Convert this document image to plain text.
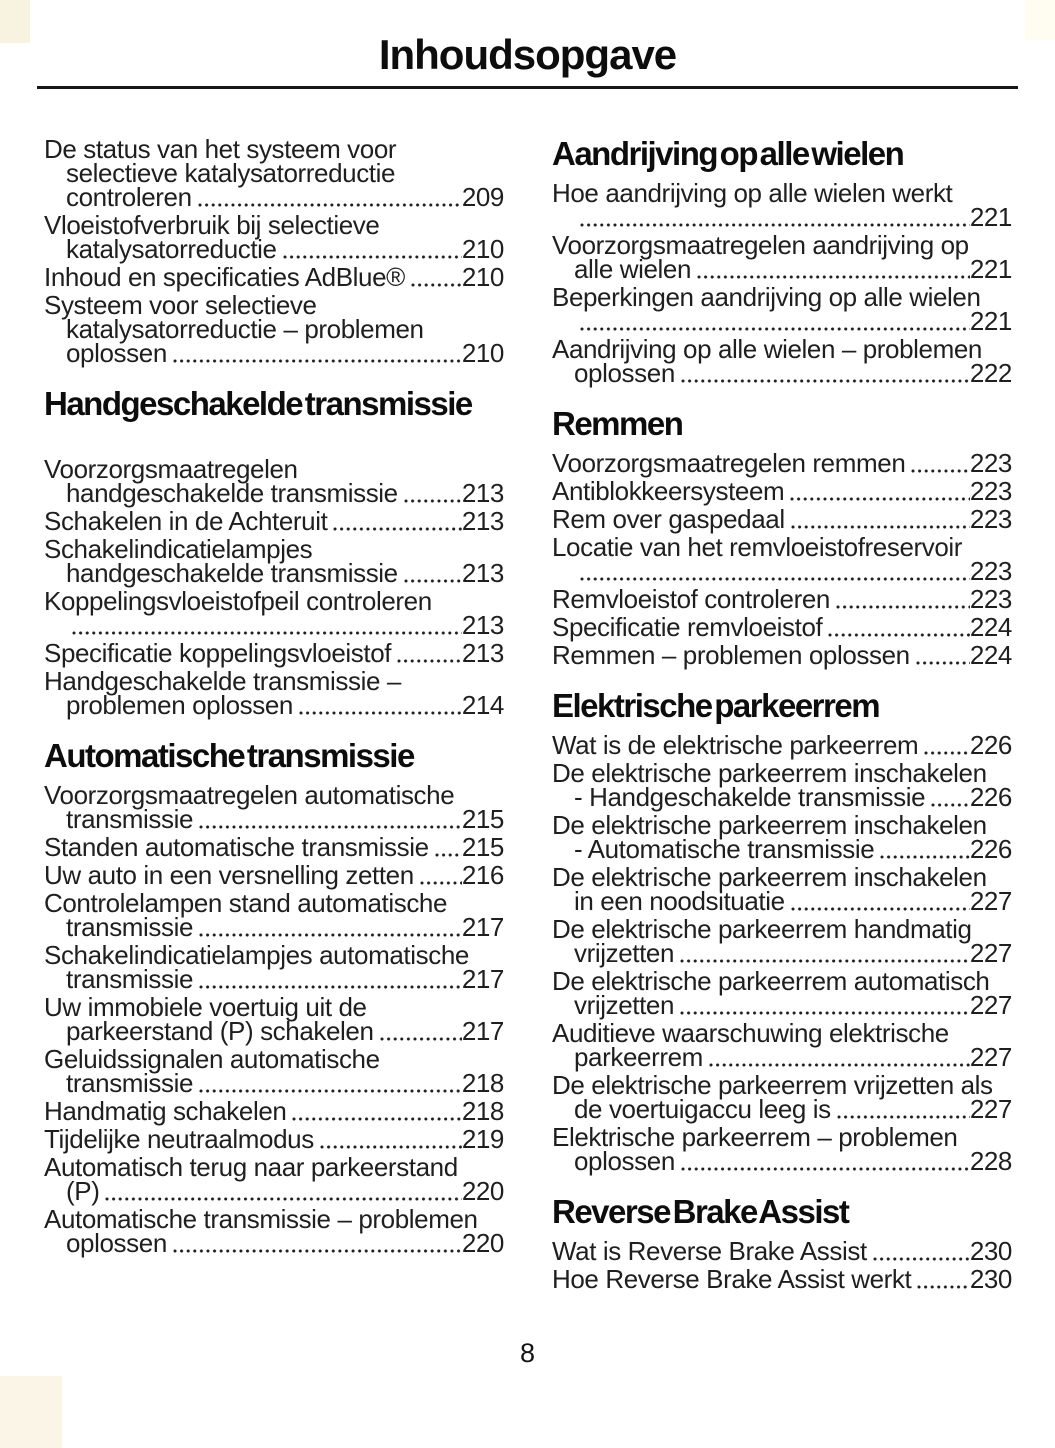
Inhoudsopgave
De status van het systeem voor
selectieve katalysatorreductie
controleren	209
Vloeistofverbruik bij selectieve
katalysatorreductie	210
Inhoud en specificaties AdBlue® 210
Systeem voor selectieve
katalysatorreductie – problemen
oplossen	210
Handgeschakelde transmissie
Voorzorgsmaatregelen
handgeschakelde transmissie 213
Schakelen in de Achteruit	213
Schakelindicatielampjes
handgeschakelde transmissie 213
Koppelingsvloeistofpeil controleren
213
Specificatie koppelingsvloeistof	213
Handgeschakelde transmissie –
problemen oplossen	214
Automatische transmissie
Voorzorgsmaatregelen automatische
transmissie	215
Standen automatische transmissie 215
Uw auto in een versnelling zetten 216
Controlelampen stand automatische
transmissie	217
Schakelindicatielampjes automatische
transmissie	217
Uw immobiele voertuig uit de
parkeerstand (P) schakelen	217
Geluidssignalen automatische
transmissie	218
Handmatig schakelen	218
Tijdelijke neutraalmodus	219
Automatisch terug naar parkeerstand
(P)	220
Automatische transmissie – problemen
oplossen	220
Aandrijving op alle wielen
Hoe aandrijving op alle wielen werkt
221
Voorzorgsmaatregelen aandrijving op
alle wielen	221
Beperkingen aandrijving op alle wielen
221
Aandrijving op alle wielen – problemen
oplossen	222
Remmen
Voorzorgsmaatregelen remmen 223
Antiblokkeersysteem	223
Rem over gaspedaal	223
Locatie van het remvloeistofreservoir
223
Remvloeistof controleren	223
Specificatie remvloeistof	224
Remmen – problemen oplossen 224
Elektrische parkeerrem
Wat is de elektrische parkeerrem 226
De elektrische parkeerrem inschakelen
- Handgeschakelde transmissie 226
De elektrische parkeerrem inschakelen
- Automatische transmissie	226
De elektrische parkeerrem inschakelen
in een noodsituatie	227
De elektrische parkeerrem handmatig
vrijzetten	227
De elektrische parkeerrem automatisch
vrijzetten	227
Auditieve waarschuwing elektrische
parkeerrem	227
De elektrische parkeerrem vrijzetten als
de voertuigaccu leeg is	227
Elektrische parkeerrem – problemen
oplossen	228
Reverse Brake Assist
Wat is Reverse Brake Assist	230
Hoe Reverse Brake Assist werkt 230
8
